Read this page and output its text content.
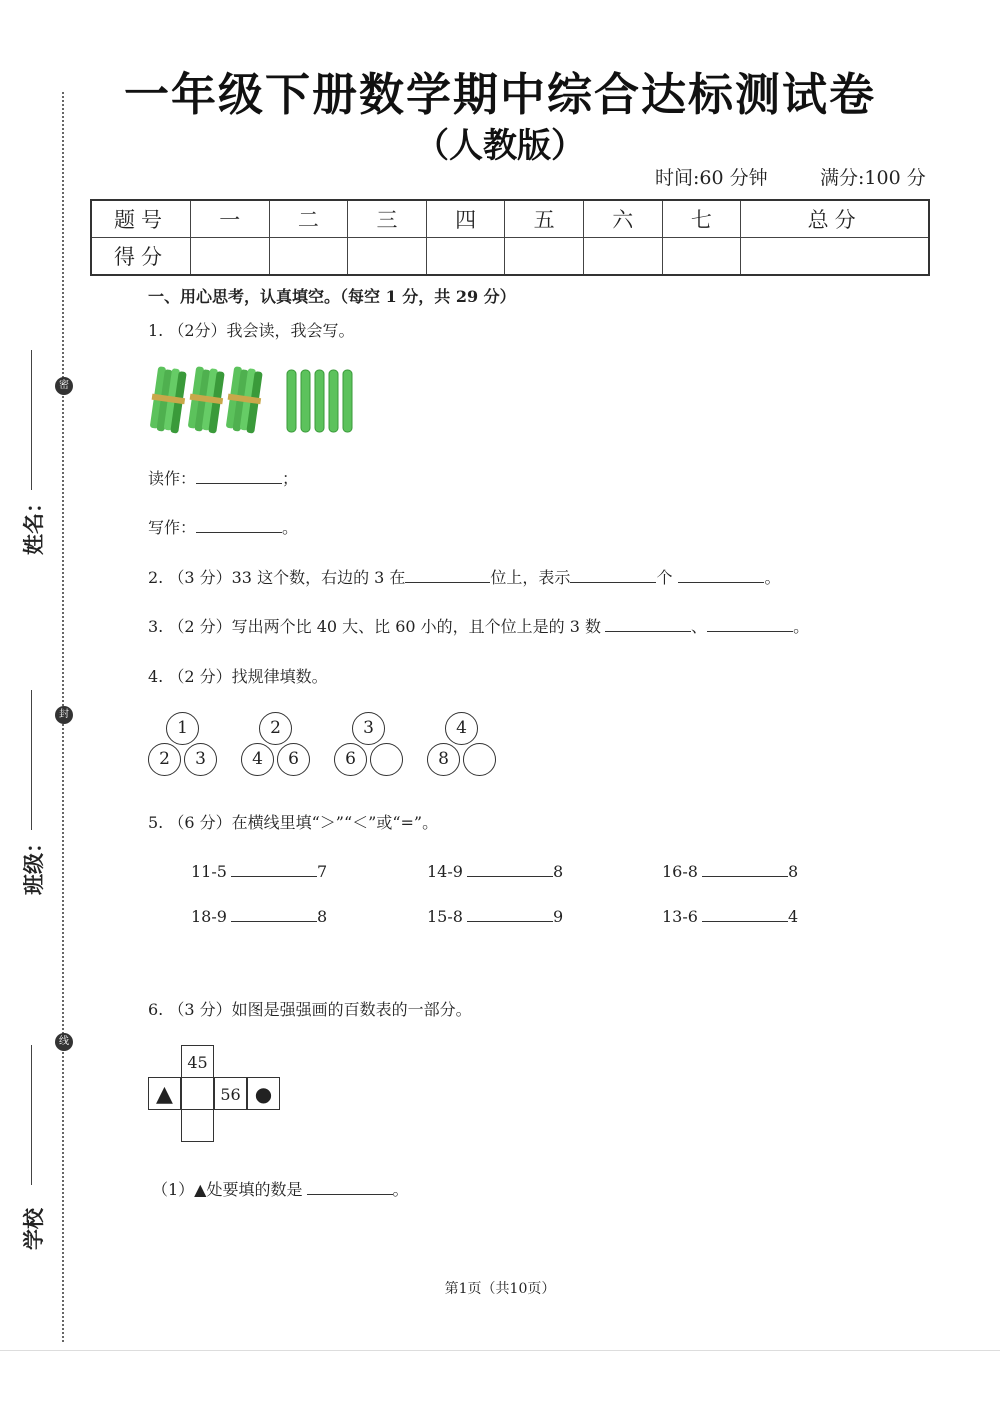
密
封
线
姓名：
班级：
学校
一年级下册数学期中综合达标测试卷
（人教版）
时间:60 分钟	满分:100 分
题号	一	二	三	四	五	六	七	总分
得分								
一、用心思考，认真填空。（每空 1 分，共 29 分）
1. （2分）我会读，我会写。
读作：	；
写作：	。
2. （3 分）33 这个数，右边的 3 在	位上，表示	个	。
3. （2 分）写出两个比 40 大、比 60 小的，且个位上是的 3 数	、	。
4. （2 分）找规律填数。
1
2	3
2
4	6
3
6
4
8
5. （6 分）在横线里填“＞”“＜”或“=”。
11-5	7	14-9	8	16-8	8
18-9	8	15-8	9	13-6	4
6. （3 分）如图是强强画的百数表的一部分。
45
▲	56 ●
（1）▲处要填的数是	。
第1页（共10页）
